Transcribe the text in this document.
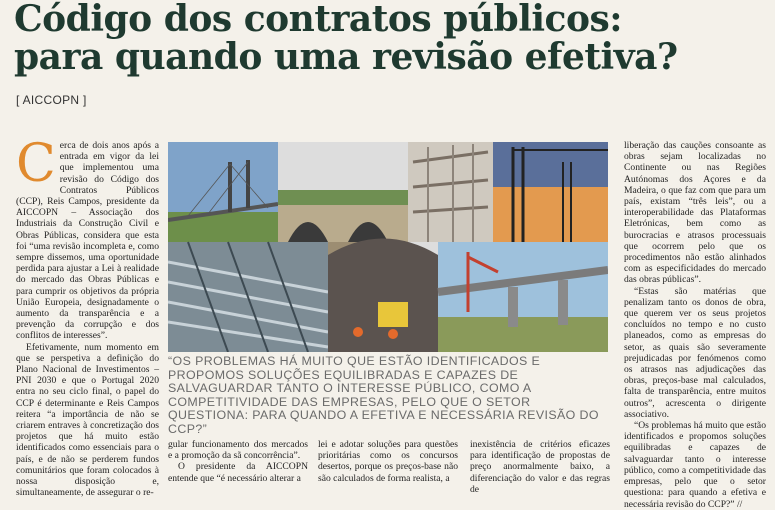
Código dos contratos públicos:
para quando uma revisão efetiva?
[ AICCOPN ]

Cerca de dois anos após a entrada em vigor da lei que implementou uma revisão do Código dos Contratos Públicos (CCP), Reis Campos, presidente da AICCOPN – Associação dos Industriais da Construção Civil e Obras Públicas, considera que esta foi “uma revisão incompleta e, como sempre dissemos, uma oportunidade perdida para ajustar a Lei à realidade do mercado das Obras Públicas e para cumprir os objetivos da própria União Europeia, designadamente o aumento da transparência e a prevenção da corrupção e dos conflitos de interesses”.

Efetivamente, num momento em que se perspetiva a definição do Plano Nacional de Investimentos – PNI 2030 e que o Portugal 2020 entra no seu ciclo final, o papel do CCP é determinante e Reis Campos reitera “a importância de não se criarem entraves à concretização dos projetos que há muito estão identificados como essenciais para o país, e de não se perderem fundos comunitários que foram colocados à nossa disposição e, simultaneamente, de assegurar o re-

“OS PROBLEMAS HÁ MUITO QUE ESTÃO IDENTIFICADOS E PROPOMOS SOLUÇÕES EQUILIBRADAS E CAPAZES DE SALVAGUARDAR TANTO O INTERESSE PÚBLICO, COMO A COMPETITIVIDADE DAS EMPRESAS, PELO QUE O SETOR QUESTIONA: PARA QUANDO A EFETIVA E NECESSÁRIA REVISÃO DO CCP?”

gular funcionamento dos mercados e a promoção da sã concorrência”.

O presidente da AICCOPN entende que “é necessário alterar a

lei e adotar soluções para questões prioritárias como os concursos desertos, porque os preços-base não são calculados de forma realista, a

inexistência de critérios eficazes para identificação de propostas de preço anormalmente baixo, a diferenciação do valor e das regras de

liberação das cauções consoante as obras sejam localizadas no Continente ou nas Regiões Autónomas dos Açores e da Madeira, o que faz com que para um país, existam “três leis”, ou a interoperabilidade das Plataformas Eletrónicas, bem como as burocracias e atrasos processuais que ocorrem pelo que os procedimentos não estão alinhados com as especificidades do mercado das obras públicas”.

“Estas são matérias que penalizam tanto os donos de obra, que querem ver os seus projetos concluídos no tempo e no custo planeados, como as empresas do setor, as quais são severamente prejudicadas por fenómenos como os atrasos nas adjudicações das obras, preços-base mal calculados, falta de transparência, entre muitos outros”, acrescenta o dirigente associativo.

“Os problemas há muito que estão identificados e propomos soluções equilibradas e capazes de salvaguardar tanto o interesse público, como a competitividade das empresas, pelo que o setor questiona: para quando a efetiva e necessária revisão do CCP?” //
